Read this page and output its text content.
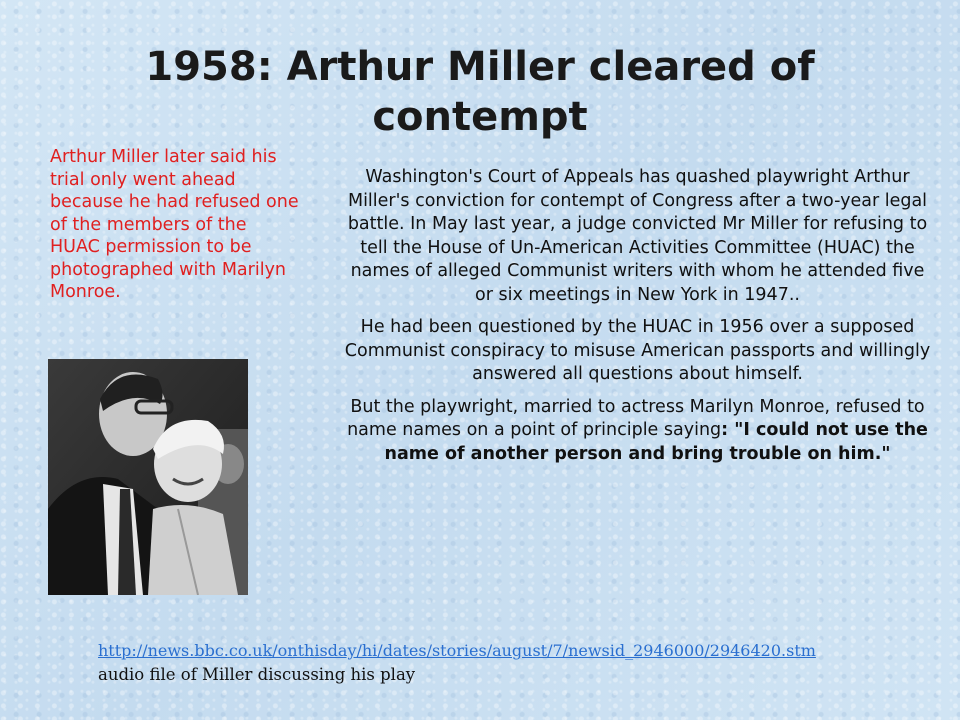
1958: Arthur Miller cleared of contempt

Arthur Miller later said his trial only went ahead because he had refused one of the members of the HUAC permission to be photographed with Marilyn Monroe.

Washington's Court of Appeals has quashed playwright Arthur Miller's conviction for contempt of Congress after a two-year legal battle. In May last year, a judge convicted Mr Miller for refusing to tell the House of Un-American Activities Committee (HUAC) the names of alleged Communist writers with whom he attended five or six meetings in New York in 1947..

He had been questioned by the HUAC in 1956 over a supposed Communist conspiracy to misuse American passports and willingly answered all questions about himself.

But the playwright, married to actress Marilyn Monroe, refused to name names on a point of principle saying: "I could not use the name of another person and bring trouble on him."

http://news.bbc.co.uk/onthisday/hi/dates/stories/august/7/newsid_2946000/2946420.stm
audio file of Miller discussing his play
